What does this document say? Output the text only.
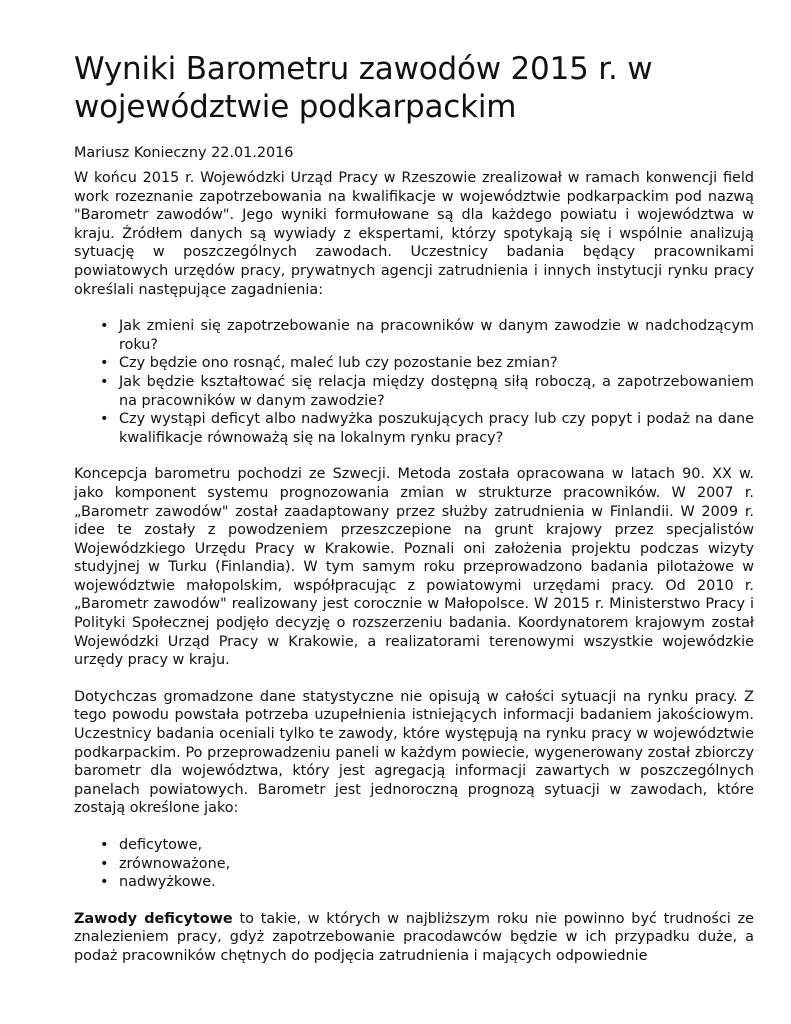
Wyniki Barometru zawodów 2015 r. w województwie podkarpackim
Mariusz Konieczny 22.01.2016

W końcu 2015 r. Wojewódzki Urząd Pracy w Rzeszowie zrealizował w ramach konwencji field work rozeznanie zapotrzebowania na kwalifikacje w województwie podkarpackim pod nazwą "Barometr zawodów". Jego wyniki formułowane są dla każdego powiatu i województwa w kraju. Źródłem danych są wywiady z ekspertami, którzy spotykają się i wspólnie analizują sytuację w poszczególnych zawodach. Uczestnicy badania będący pracownikami powiatowych urzędów pracy, prywatnych agencji zatrudnienia i innych instytucji rynku pracy określali następujące zagadnienia:

• Jak zmieni się zapotrzebowanie na pracowników w danym zawodzie w nadchodzącym roku?
• Czy będzie ono rosnąć, maleć lub czy pozostanie bez zmian?
• Jak będzie kształtować się relacja między dostępną siłą roboczą, a zapotrzebowaniem na pracowników w danym zawodzie?
• Czy wystąpi deficyt albo nadwyżka poszukujących pracy lub czy popyt i podaż na dane kwalifikacje równoważą się na lokalnym rynku pracy?

Koncepcja barometru pochodzi ze Szwecji. Metoda została opracowana w latach 90. XX w. jako komponent systemu prognozowania zmian w strukturze pracowników. W 2007 r. „Barometr zawodów" został zaadaptowany przez służby zatrudnienia w Finlandii. W 2009 r. idee te zostały z powodzeniem przeszczepione na grunt krajowy przez specjalistów Wojewódzkiego Urzędu Pracy w Krakowie. Poznali oni założenia projektu podczas wizyty studyjnej w Turku (Finlandia). W tym samym roku przeprowadzono badania pilotażowe w województwie małopolskim, współpracując z powiatowymi urzędami pracy. Od 2010 r. „Barometr zawodów" realizowany jest corocznie w Małopolsce. W 2015 r. Ministerstwo Pracy i Polityki Społecznej podjęło decyzję o rozszerzeniu badania. Koordynatorem krajowym został Wojewódzki Urząd Pracy w Krakowie, a realizatorami terenowymi wszystkie wojewódzkie urzędy pracy w kraju.

Dotychczas gromadzone dane statystyczne nie opisują w całości sytuacji na rynku pracy. Z tego powodu powstała potrzeba uzupełnienia istniejących informacji badaniem jakościowym. Uczestnicy badania oceniali tylko te zawody, które występują na rynku pracy w województwie podkarpackim. Po przeprowadzeniu paneli w każdym powiecie, wygenerowany został zbiorczy barometr dla województwa, który jest agregacją informacji zawartych w poszczególnych panelach powiatowych. Barometr jest jednoroczną prognozą sytuacji w zawodach, które zostają określone jako:

• deficytowe,
• zrównoważone,
• nadwyżkowe.

Zawody deficytowe to takie, w których w najbliższym roku nie powinno być trudności ze znalezieniem pracy, gdyż zapotrzebowanie pracodawców będzie w ich przypadku duże, a podaż pracowników chętnych do podjęcia zatrudnienia i mających odpowiednie
